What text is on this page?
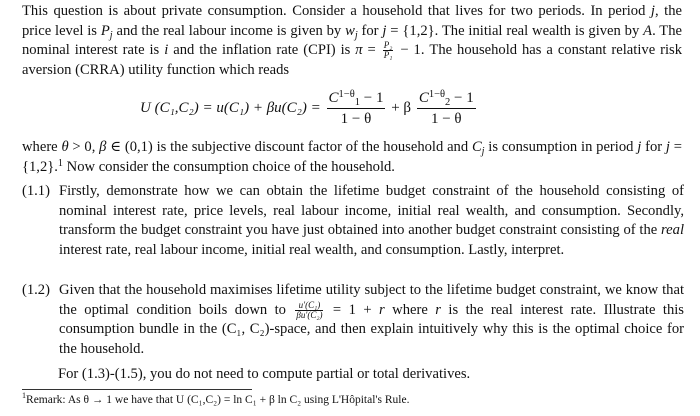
This question is about private consumption. Consider a household that lives for two periods. In period j, the price level is $P_j$ and the real labour income is given by $w_j$ for j = {1,2}. The initial real wealth is given by A. The nominal interest rate is i and the inflation rate (CPI) is $\pi = \frac{\text{P₂}}{\text{P₁}} - 1$. The household has a constant relative risk aversion (CRRA) utility function which reads
U $(C_1,C_2) = u(C_1) + \beta u(C_2) = \frac{C^{1-\theta}_1 - 1}{1 - \theta} + \beta \frac{C^{1-\theta}_2 - 1}{1 - \theta}$
where θ > 0, β ∈ (0,1) is the subjective discount factor of the household and $C_j$ is consumption in period j for j = {1,2}.$^1$ Now consider the consumption choice of the household.
(1.1) Firstly, demonstrate how we can obtain the lifetime budget constraint of the household consisting of nominal interest rate, price levels, real labour income, initial real wealth, and consumption. Secondly, transform the budget constraint you have just obtained into another budget constraint consisting of the real interest rate, real labour income, initial real wealth, and consumption. Lastly, interpret.
(1.2) Given that the household maximises lifetime utility subject to the lifetime budget constraint, we know that the optimal condition boils down to $\frac{\text{u′(C₁)}}{\text{βu′(C₂)}} = 1 + r$ where r is the real interest rate. Illustrate this consumption bundle in the (C₁, C₂)-space, and then explain intuitively why this is the optimal choice for the household.
For (1.3)-(1.5), you do not need to compute partial or total derivatives.
$^1$Remark: As θ → 1 we have that U (C₁,C₂) = ln C₁ + β ln C₂ using L'Hôpital's Rule.
